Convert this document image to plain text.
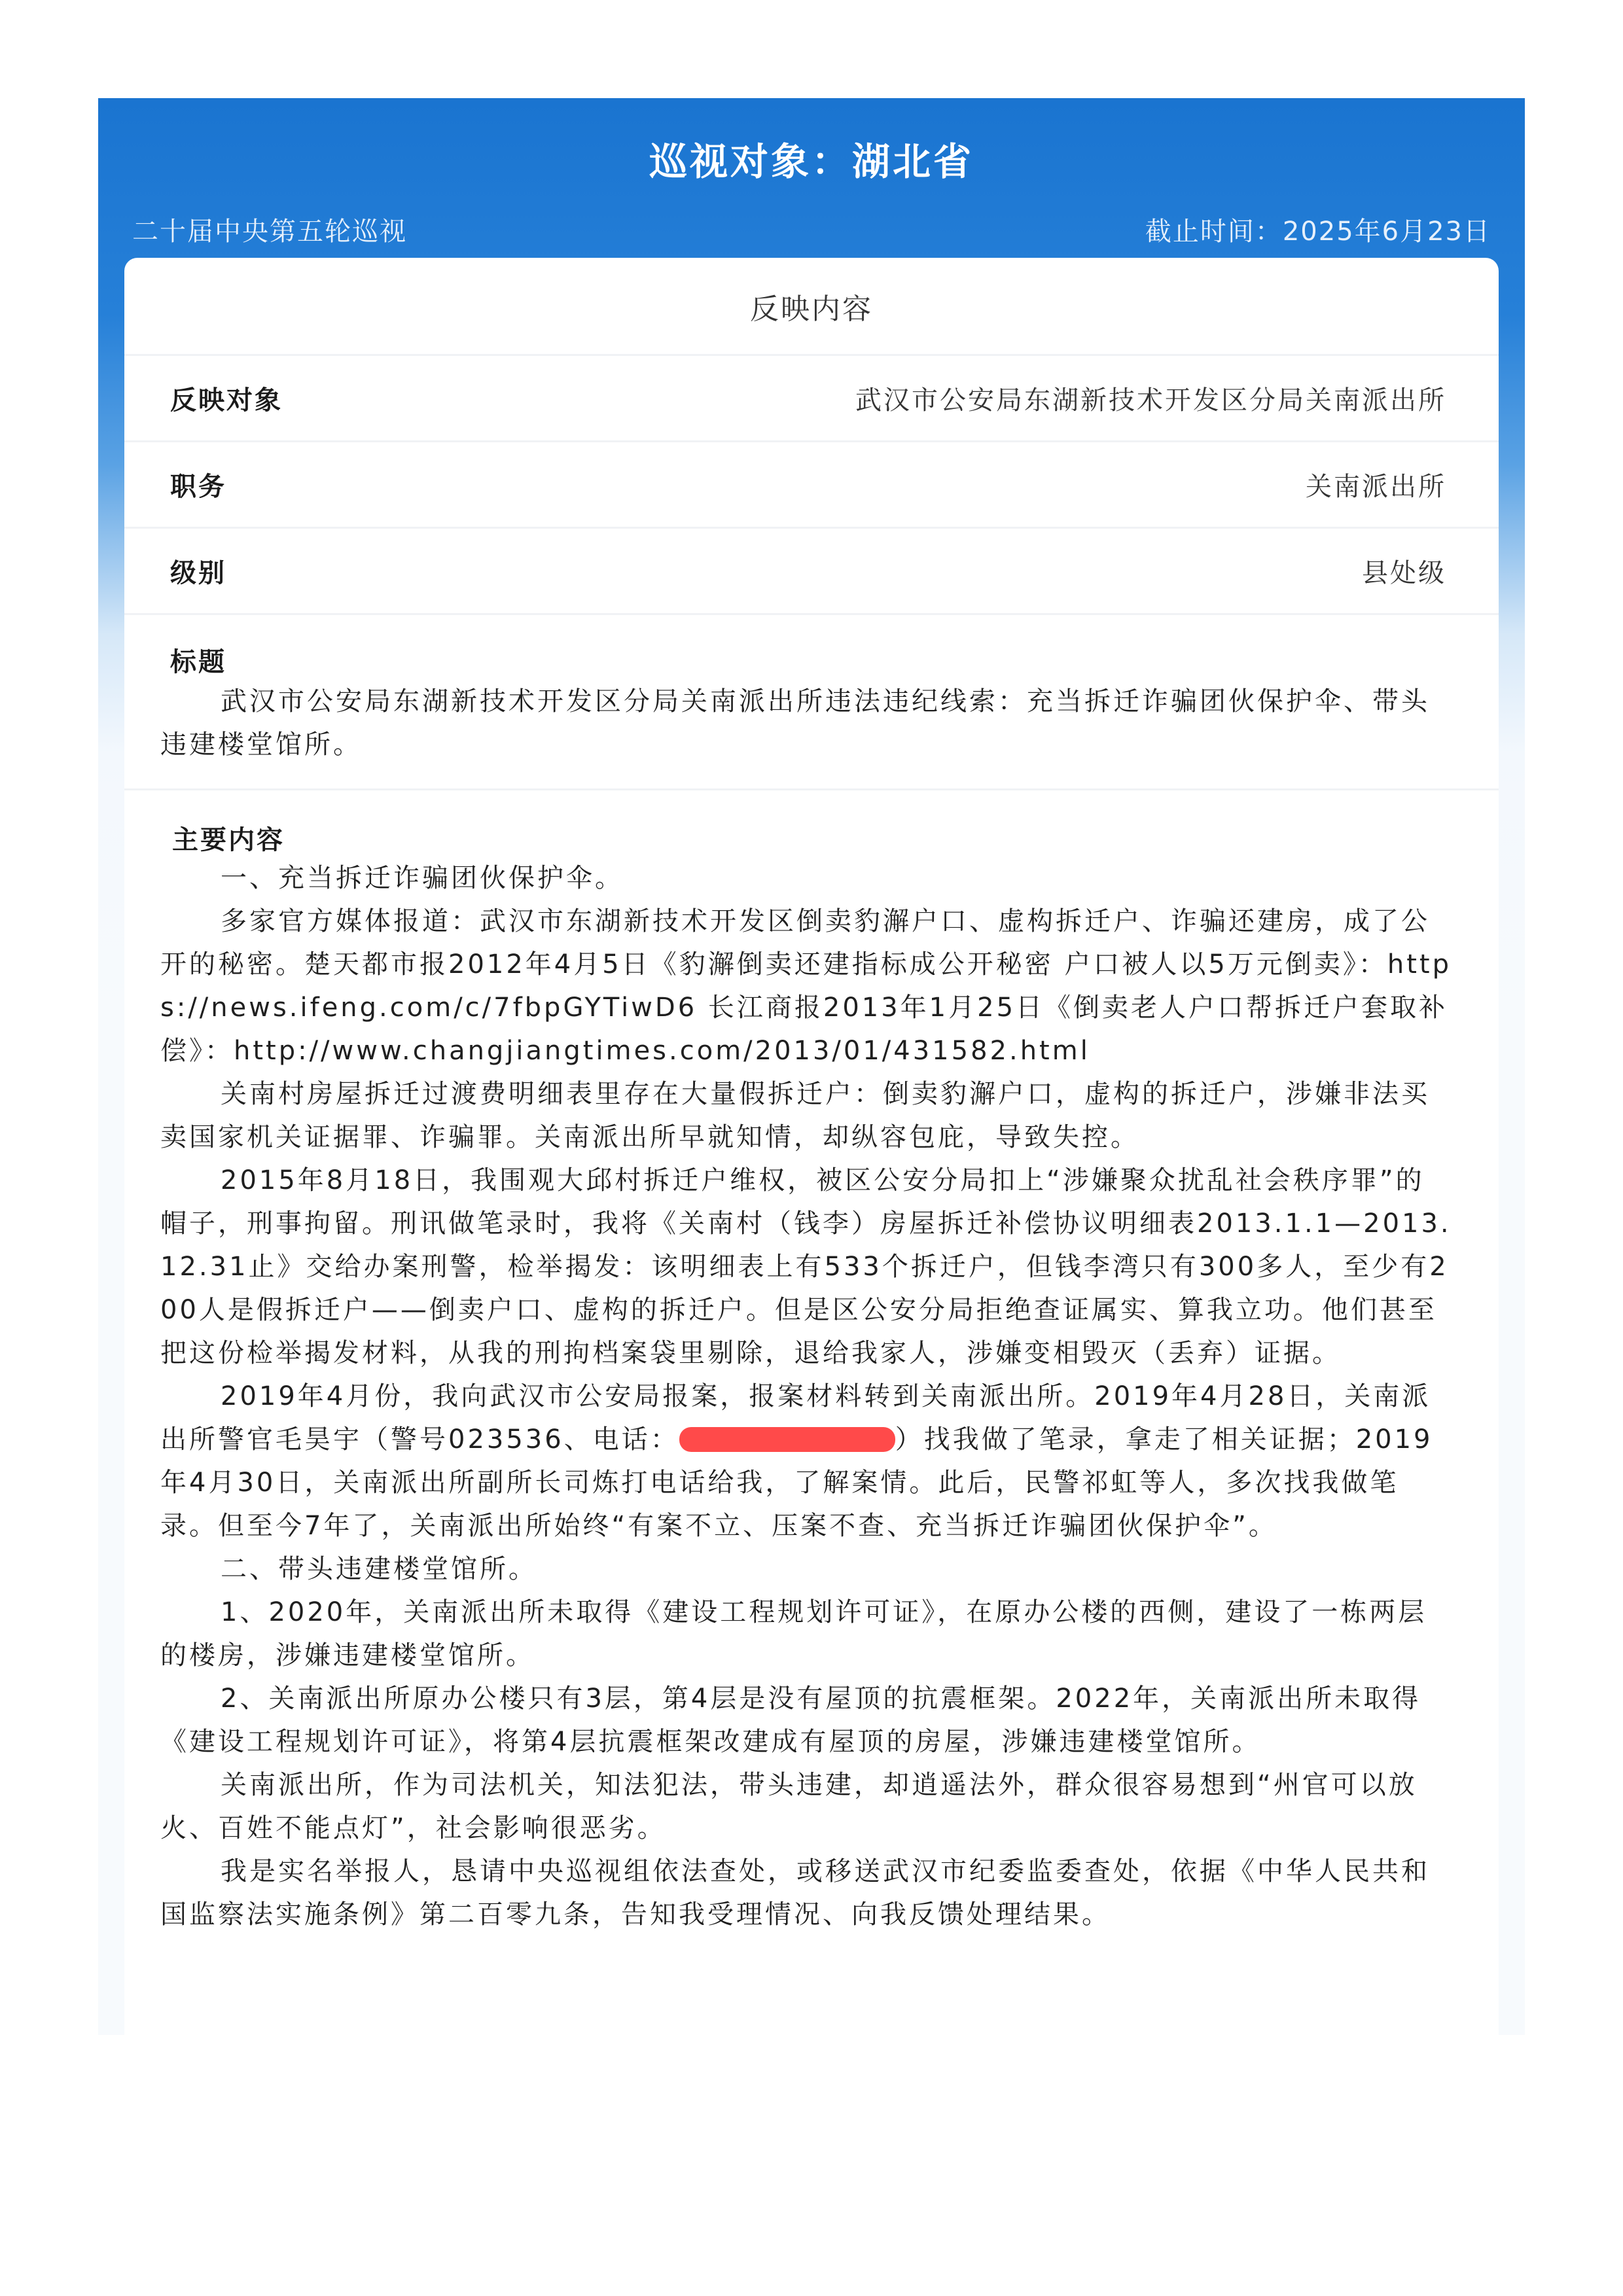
巡视对象：湖北省
二十届中央第五轮巡视	截止时间：2025年6月23日
反映内容
反映对象	武汉市公安局东湖新技术开发区分局关南派出所
职务	关南派出所
级别	县处级
标题
武汉市公安局东湖新技术开发区分局关南派出所违法违纪线索：充当拆迁诈骗团伙保护伞、带头违建楼堂馆所。
主要内容

一、充当拆迁诈骗团伙保护伞。

多家官方媒体报道：武汉市东湖新技术开发区倒卖豹澥户口、虚构拆迁户、诈骗还建房，成了公开的秘密。楚天都市报2012年4月5日《豹澥倒卖还建指标成公开秘密 户口被人以5万元倒卖》：https://news.ifeng.com/c/7fbpGYTiwD6 长江商报2013年1月25日《倒卖老人户口帮拆迁户套取补偿》：http://www.changjiangtimes.com/2013/01/431582.html

关南村房屋拆迁过渡费明细表里存在大量假拆迁户：倒卖豹澥户口，虚构的拆迁户，涉嫌非法买卖国家机关证据罪、诈骗罪。关南派出所早就知情，却纵容包庇，导致失控。

2015年8月18日，我围观大邱村拆迁户维权，被区公安分局扣上“涉嫌聚众扰乱社会秩序罪”的帽子，刑事拘留。刑讯做笔录时，我将《关南村（钱李）房屋拆迁补偿协议明细表2013.1.1—2013.12.31止》交给办案刑警，检举揭发：该明细表上有533个拆迁户，但钱李湾只有300多人，至少有200人是假拆迁户——倒卖户口、虚构的拆迁户。但是区公安分局拒绝查证属实、算我立功。他们甚至把这份检举揭发材料，从我的刑拘档案袋里剔除，退给我家人，涉嫌变相毁灭（丢弃）证据。

2019年4月份，我向武汉市公安局报案，报案材料转到关南派出所。2019年4月28日，关南派出所警官毛昊宇（警号023536、电话：	）找我做了笔录，拿走了相关证据；2019年4月30日，关南派出所副所长司炼打电话给我，了解案情。此后，民警祁虹等人，多次找我做笔录。但至今7年了，关南派出所始终“有案不立、压案不查、充当拆迁诈骗团伙保护伞”。

二、带头违建楼堂馆所。

1、2020年，关南派出所未取得《建设工程规划许可证》，在原办公楼的西侧，建设了一栋两层的楼房，涉嫌违建楼堂馆所。

2、关南派出所原办公楼只有3层，第4层是没有屋顶的抗震框架。2022年，关南派出所未取得《建设工程规划许可证》，将第4层抗震框架改建成有屋顶的房屋，涉嫌违建楼堂馆所。

关南派出所，作为司法机关，知法犯法，带头违建，却逍遥法外，群众很容易想到“州官可以放火、百姓不能点灯”，社会影响很恶劣。

我是实名举报人，恳请中央巡视组依法查处，或移送武汉市纪委监委查处，依据《中华人民共和国监察法实施条例》第二百零九条，告知我受理情况、向我反馈处理结果。
